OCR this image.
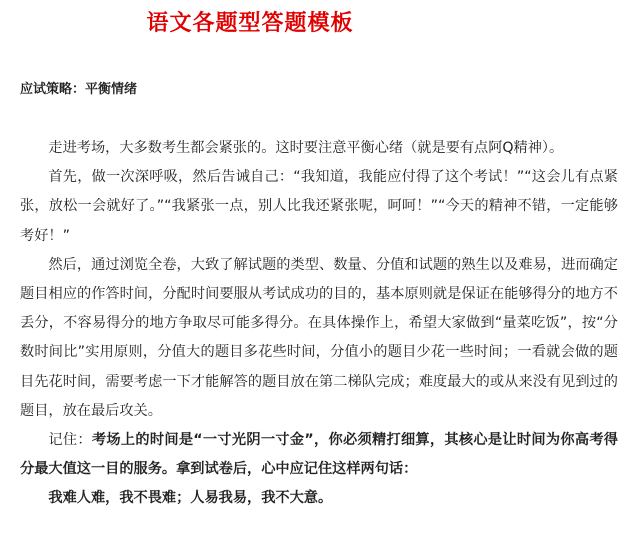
语文各题型答题模板
应试策略：平衡情绪

走进考场，大多数考生都会紧张的。这时要注意平衡心绪（就是要有点阿Q精神）。

首先，做一次深呼吸，然后告诫自己：“我知道，我能应付得了这个考试！”“这会儿有点紧张，放松一会就好了。”“我紧张一点，别人比我还紧张呢，呵呵！”“今天的精神不错，一定能够考好！”

然后，通过浏览全卷，大致了解试题的类型、数量、分值和试题的熟生以及难易，进而确定题目相应的作答时间，分配时间要服从考试成功的目的，基本原则就是保证在能够得分的地方不丢分，不容易得分的地方争取尽可能多得分。在具体操作上，希望大家做到“量菜吃饭”，按“分数时间比”实用原则，分值大的题目多花些时间，分值小的题目少花一些时间；一看就会做的题目先花时间，需要考虑一下才能解答的题目放在第二梯队完成；难度最大的或从来没有见到过的题目，放在最后攻关。

记住：考场上的时间是“一寸光阴一寸金”，你必须精打细算，其核心是让时间为你高考得分最大值这一目的服务。拿到试卷后，心中应记住这样两句话：

我难人难，我不畏难；人易我易，我不大意。
